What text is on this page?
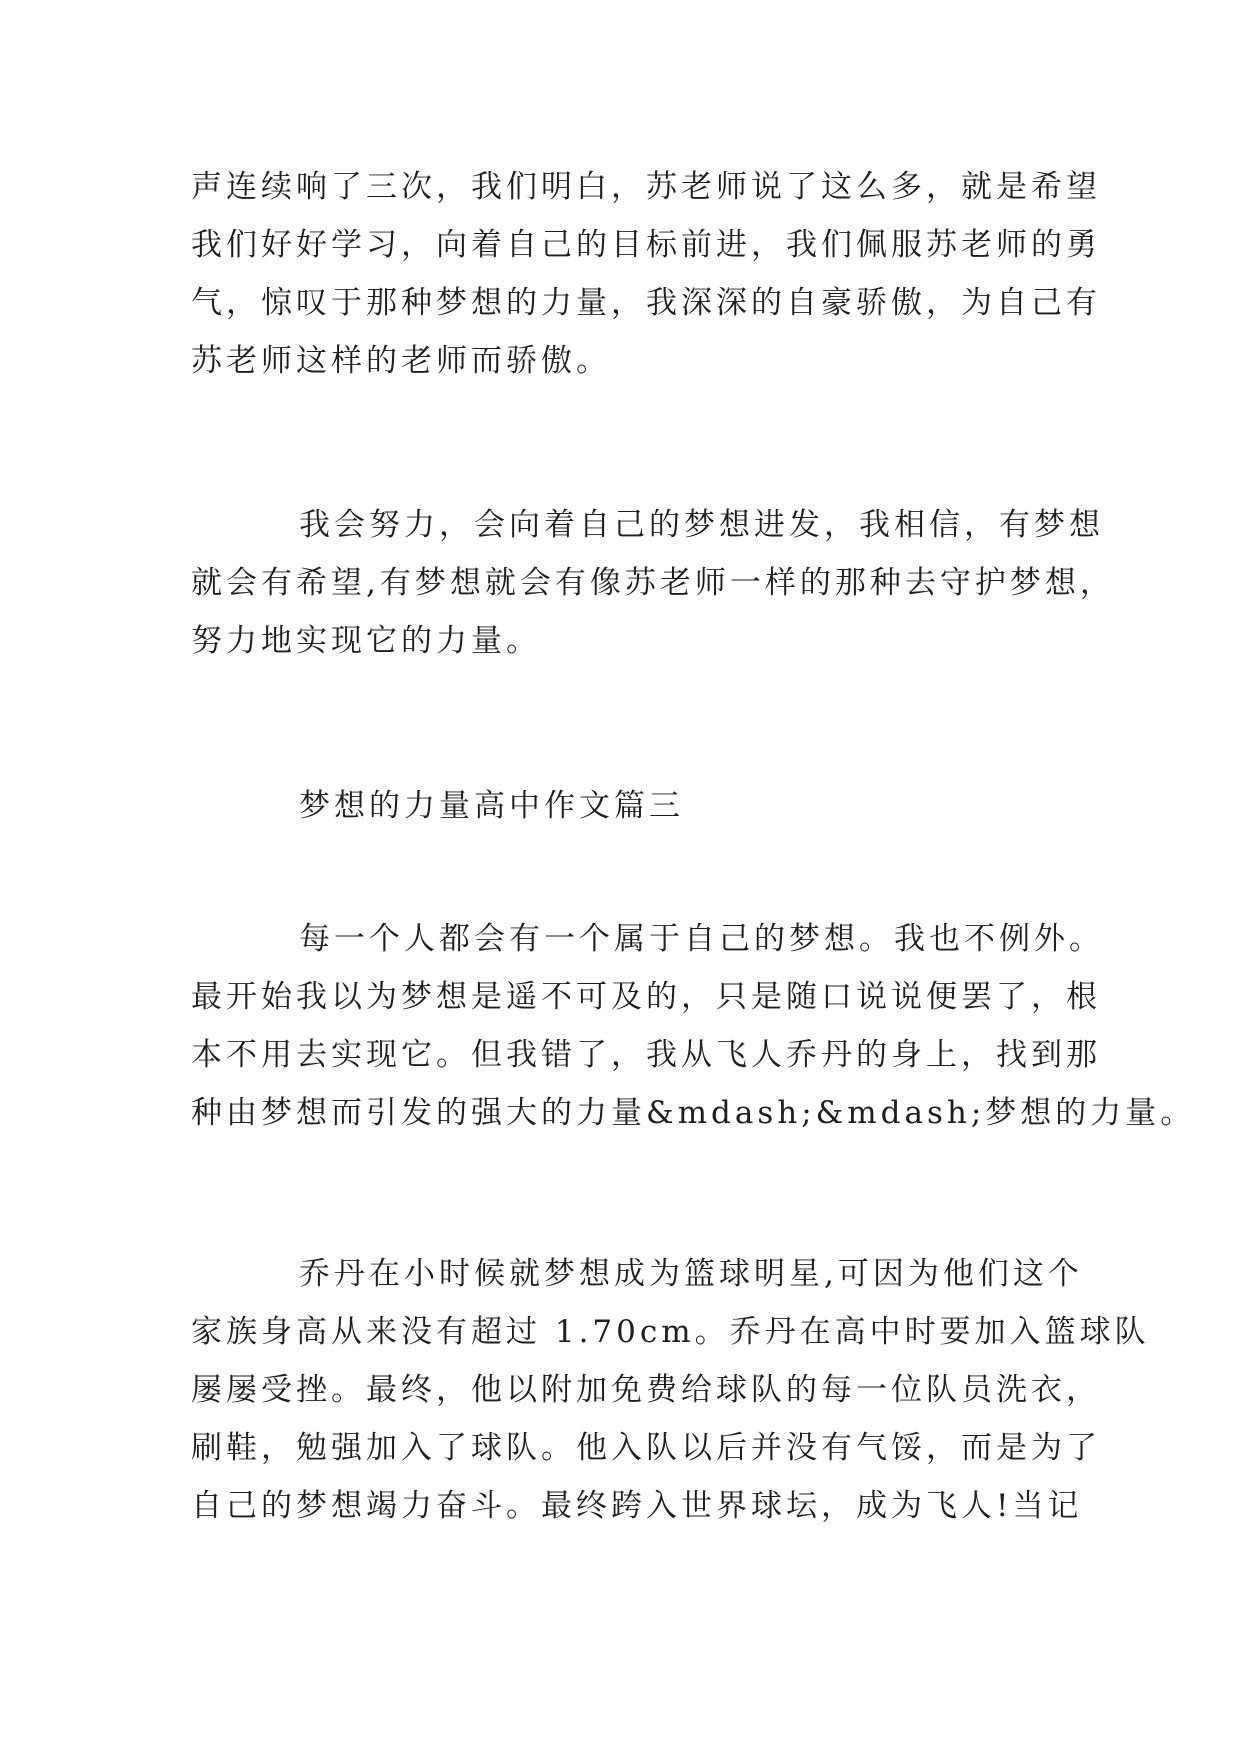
声连续响了三次，我们明白，苏老师说了这么多，就是希望
我们好好学习，向着自己的目标前进，我们佩服苏老师的勇
气，惊叹于那种梦想的力量，我深深的自豪骄傲，为自己有
苏老师这样的老师而骄傲。
我会努力，会向着自己的梦想进发，我相信，有梦想
就会有希望,有梦想就会有像苏老师一样的那种去守护梦想，
努力地实现它的力量。
梦想的力量高中作文篇三
每一个人都会有一个属于自己的梦想。我也不例外。
最开始我以为梦想是遥不可及的，只是随口说说便罢了，根
本不用去实现它。但我错了，我从飞人乔丹的身上，找到那
种由梦想而引发的强大的力量&mdash;&mdash;梦想的力量。
乔丹在小时候就梦想成为篮球明星,可因为他们这个
家族身高从来没有超过 1.70cm。乔丹在高中时要加入篮球队
屡屡受挫。最终，他以附加免费给球队的每一位队员洗衣，
刷鞋，勉强加入了球队。他入队以后并没有气馁，而是为了
自己的梦想竭力奋斗。最终跨入世界球坛，成为飞人!当记
